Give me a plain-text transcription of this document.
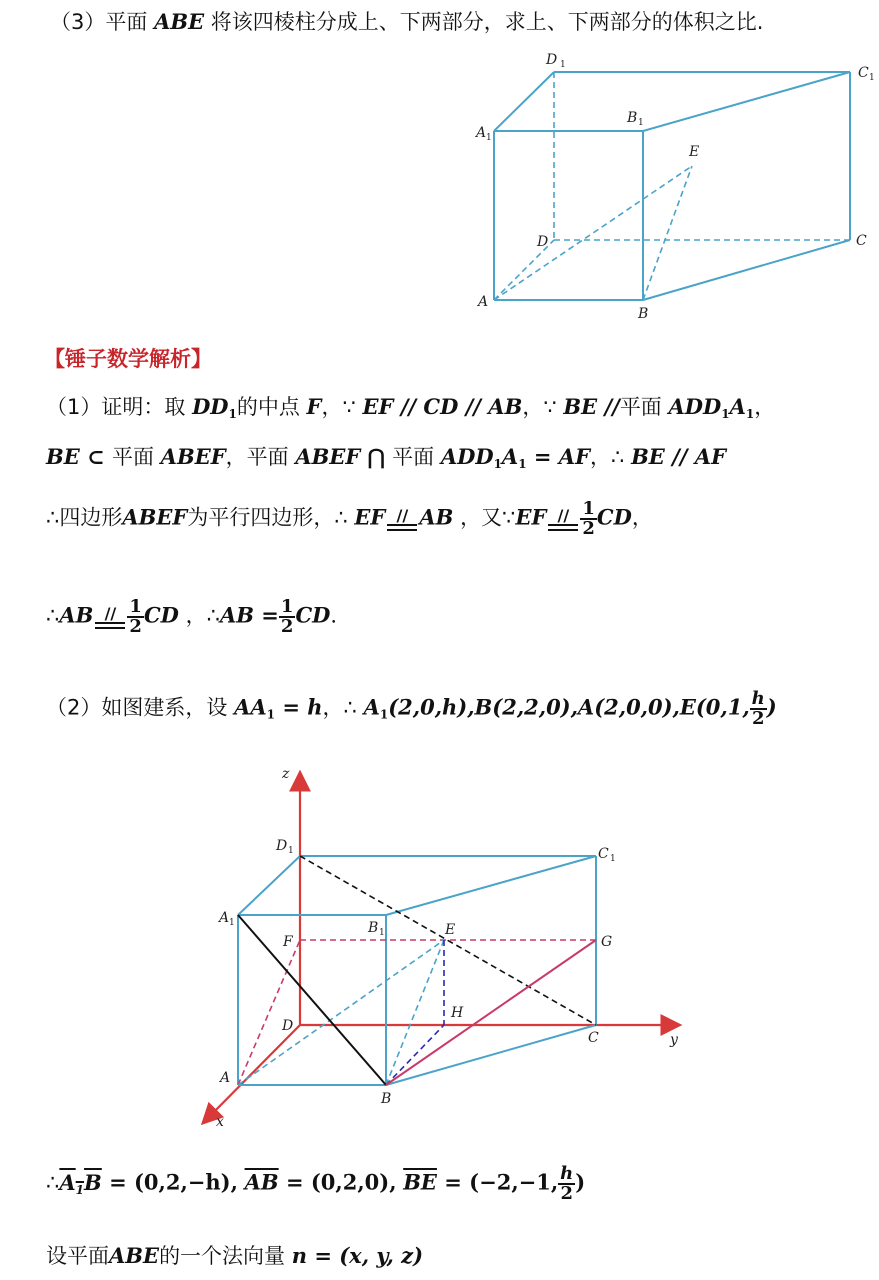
（3）平面 ABE 将该四棱柱分成上、下两部分，求上、下两部分的体积之比.
D 1	C 1
A 1
B 1
E
D	C
A
B
【锤子数学解析】
（1）证明：取 $DD_1$的中点 F，∵ EF // CD // AB，∵ BE //平面 $ADD_1A_1$，
BE ⊂ 平面 ABEF，平面 ABEF ⋂ 平面 $ADD_1A_1$ = AF，∴ BE // AF
∴四边形ABEF为平行四边形，∴ EF // AB ，又∵EF // $\frac{1}{2}$ CD，
∴AB // $\frac{1}{2}$ CD ，∴AB = $\frac{1}{2}$ CD.
（2）如图建系，设 $AA_1 = h$，∴ $A_1(2,0,h),B(2,2,0),A(2,0,0),E(0,1$, $\frac{h}{2}$ )
z
y
x
D 1	C 1
A 1	B 1
F
E
G
H
D
C
A
B
$\therefore A_1B = (0,2,-h)$, $\overline{AB} = (0,2,0)$, $\overline{BE} = (-2,-1$, $\frac{h}{2}$ )
设平面ABE的一个法向量 n = (x, y, z)
